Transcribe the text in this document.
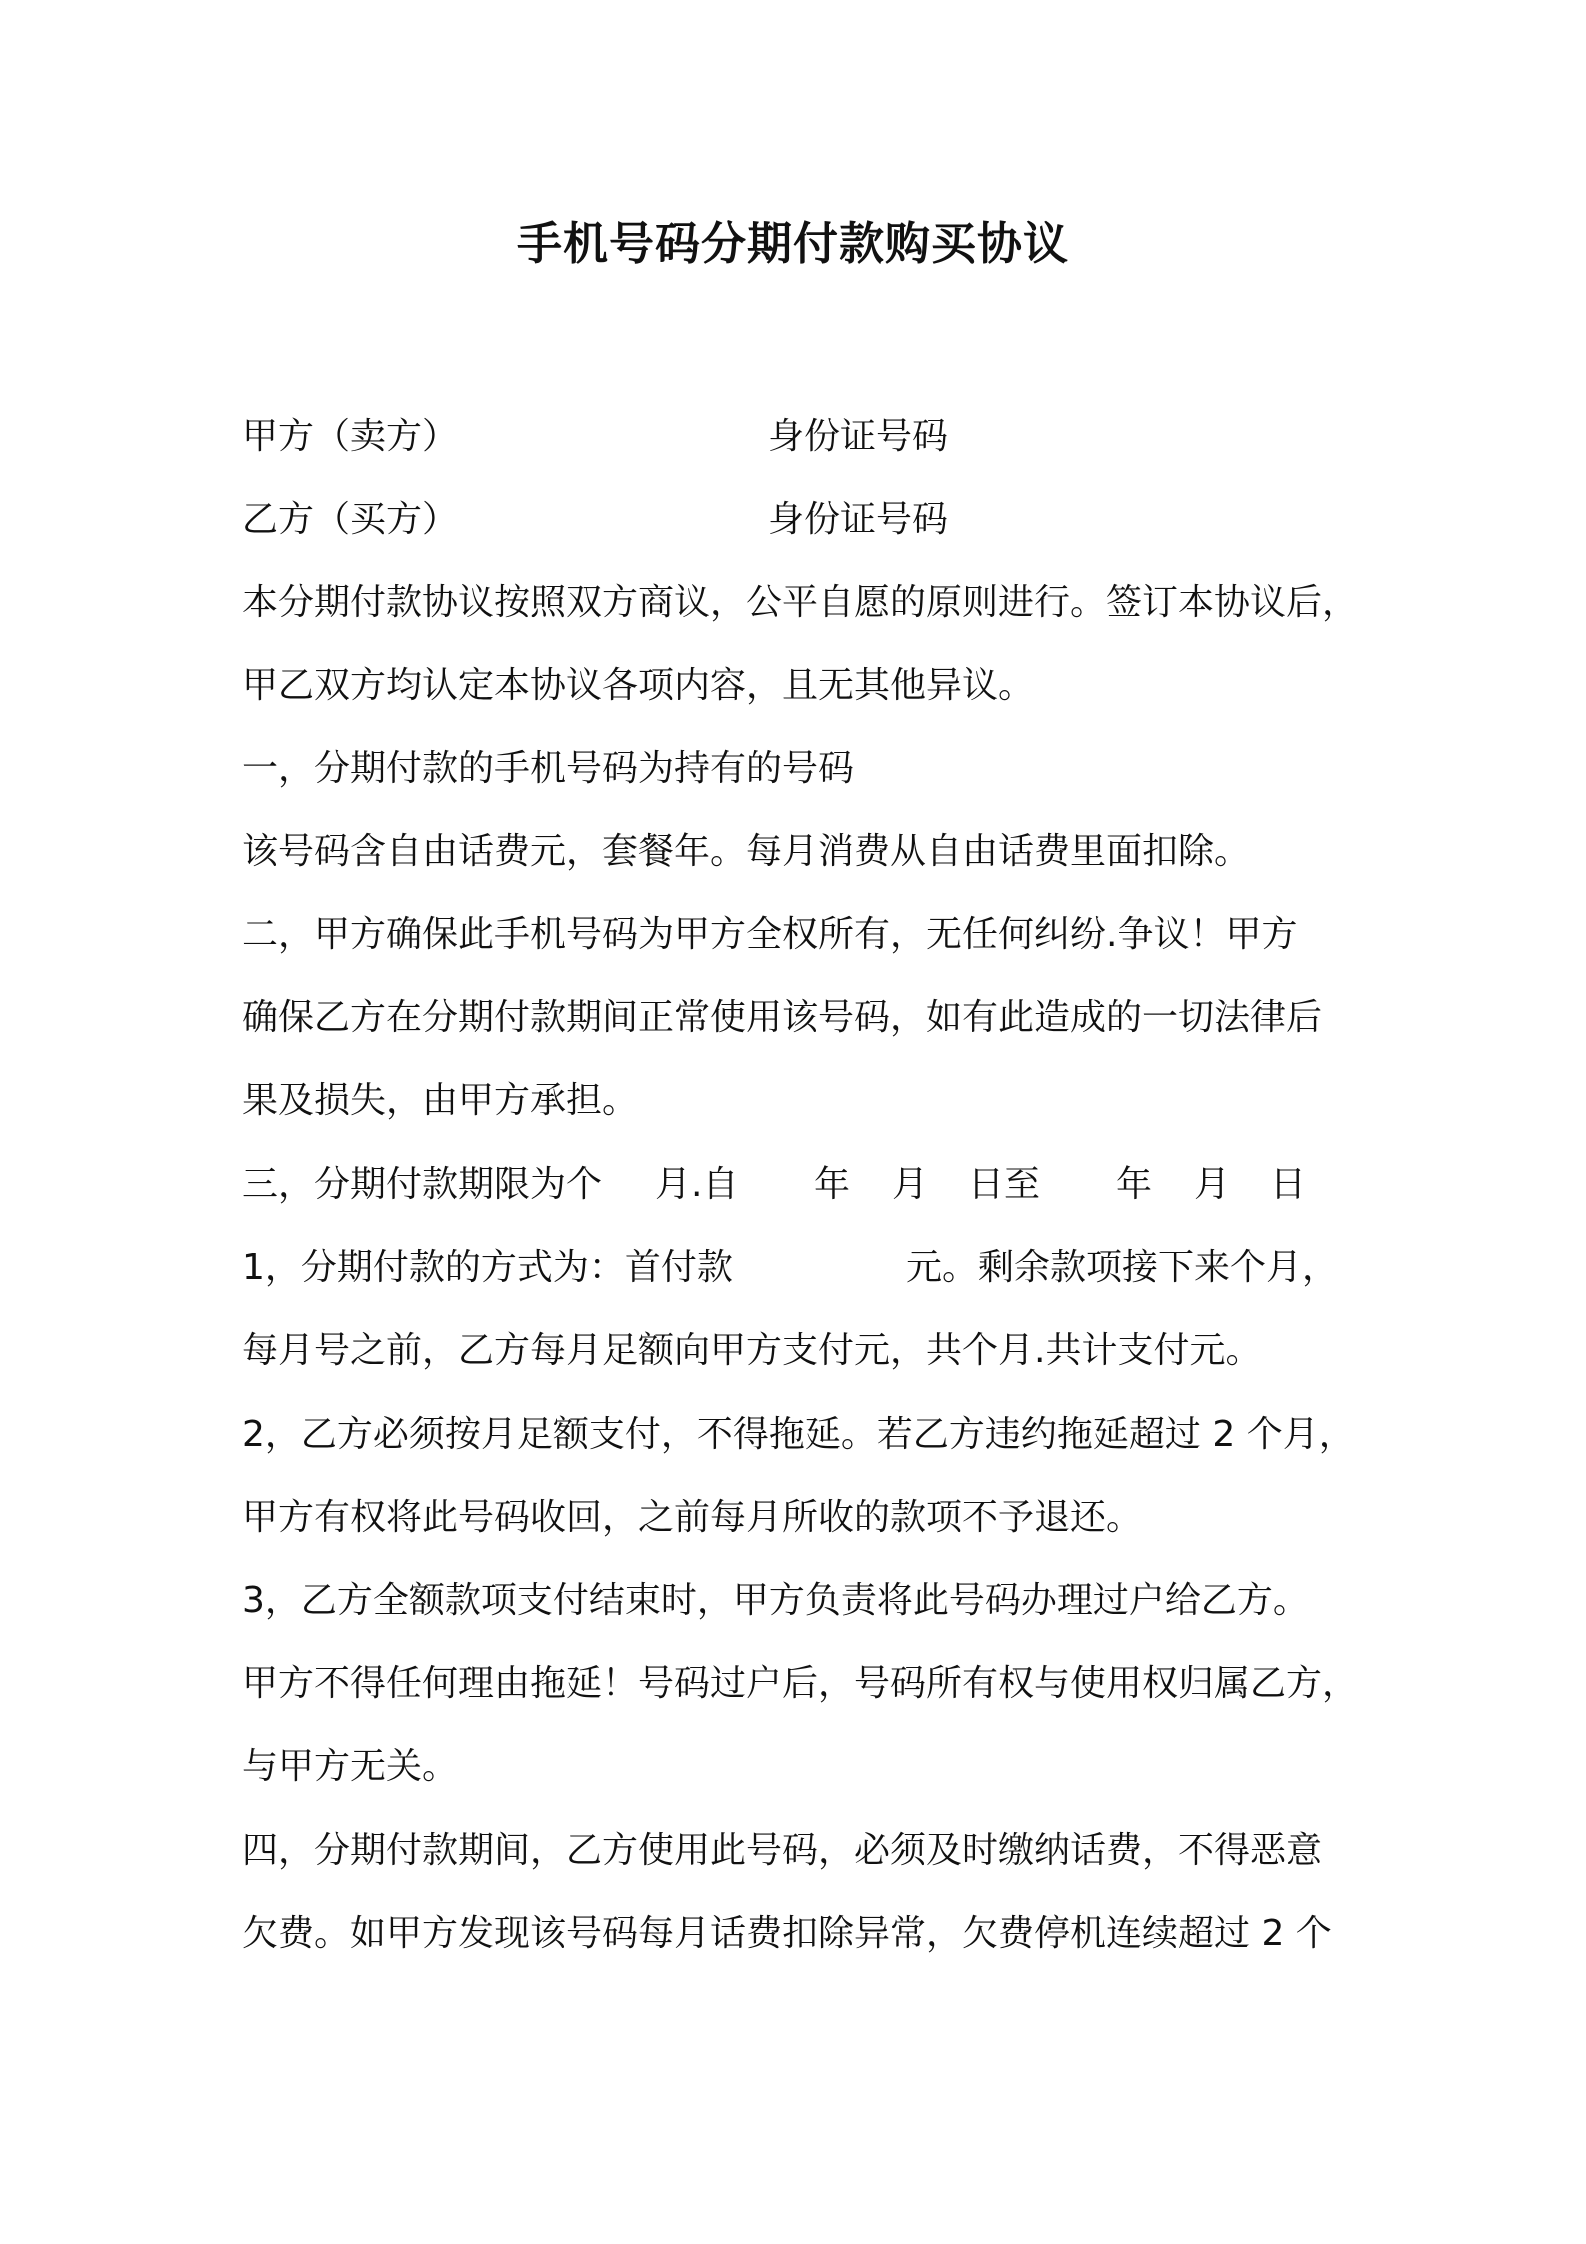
手机号码分期付款购买协议
甲方（卖方）	身份证号码
乙方（买方）	身份证号码
本分期付款协议按照双方商议，公平自愿的原则进行。签订本协议后，
甲乙双方均认定本协议各项内容，且无其他异议。
一，分期付款的手机号码为持有的号码
该号码含自由话费元，套餐年。每月消费从自由话费里面扣除。
二，甲方确保此手机号码为甲方全权所有，无任何纠纷.争议！甲方
确保乙方在分期付款期间正常使用该号码，如有此造成的一切法律后
果及损失，由甲方承担。
三，分期付款期限为个 月.自 年 月 日至 年 月 日
1，分期付款的方式为：首付款	元。剩余款项接下来个月，
每月号之前，乙方每月足额向甲方支付元，共个月.共计支付元。
2，乙方必须按月足额支付，不得拖延。若乙方违约拖延超过 2 个月，
甲方有权将此号码收回，之前每月所收的款项不予退还。
3，乙方全额款项支付结束时，甲方负责将此号码办理过户给乙方。
甲方不得任何理由拖延！号码过户后，号码所有权与使用权归属乙方，
与甲方无关。
四，分期付款期间，乙方使用此号码，必须及时缴纳话费，不得恶意
欠费。如甲方发现该号码每月话费扣除异常，欠费停机连续超过 2 个
